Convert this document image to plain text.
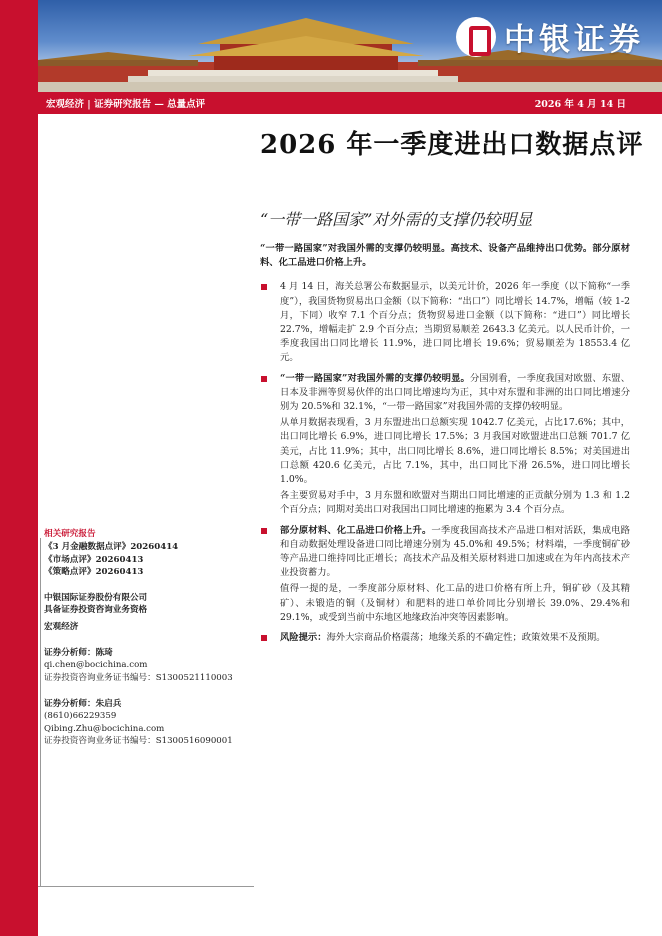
中银证券
宏观经济 | 证券研究报告 — 总量点评	2026 年 4 月 14 日
2026 年一季度进出口数据点评
“一带一路国家”对外需的支撑仍较明显
相关研究报告
《3 月金融数据点评》20260414
《市场点评》20260413
《策略点评》20260413
中银国际证券股份有限公司
具备证券投资咨询业务资格
宏观经济
证券分析师：陈琦
qi.chen@bocichina.com
证券投资咨询业务证书编号：S1300521110003
证券分析师：朱启兵
(8610)66229359
Qibing.Zhu@bocichina.com
证券投资咨询业务证书编号：S1300516090001
“一带一路国家”对我国外需的支撑仍较明显。高技术、设备产品维持出口优势。部分原材料、化工品进口价格上升。
4 月 14 日，海关总署公布数据显示，以美元计价，2026 年一季度（以下简称“一季度”），我国货物贸易出口金额（以下简称：“出口”）同比增长 14.7%，增幅（较 1-2 月，下同）收窄 7.1 个百分点；货物贸易进口金额（以下简称：“进口”）同比增长 22.7%，增幅走扩 2.9 个百分点；当期贸易顺差 2643.3 亿美元。以人民币计价，一季度我国出口同比增长 11.9%，进口同比增长 19.6%；贸易顺差为 18553.4 亿元。
“一带一路国家”对我国外需的支撑仍较明显。分国别看，一季度我国对欧盟、东盟、日本及非洲等贸易伙伴的出口同比增速均为正，其中对东盟和非洲的出口同比增速分别为 20.5%和 32.1%，“一带一路国家”对我国外需的支撑仍较明显。
从单月数据表现看，3 月东盟进出口总额实现 1042.7 亿美元，占比17.6%；其中，出口同比增长 6.9%，进口同比增长 17.5%；3 月我国对欧盟进出口总额 701.7 亿美元，占比 11.9%；其中，出口同比增长 8.6%，进口同比增长 8.5%；对美国进出口总额 420.6 亿美元，占比 7.1%，其中，出口同比下滑 26.5%，进口同比增长 1.0%。
各主要贸易对手中，3 月东盟和欧盟对当期出口同比增速的正贡献分别为 1.3 和 1.2 个百分点；同期对美出口对我国出口同比增速的拖累为 3.4 个百分点。
部分原材料、化工品进口价格上升。一季度我国高技术产品进口相对活跃，集成电路和自动数据处理设备进口同比增速分别为 45.0%和 49.5%；材料端，一季度铜矿砂等产品进口维持同比正增长；高技术产品及相关原材料进口加速或在为年内高技术产业投资蓄力。
值得一提的是，一季度部分原材料、化工品的进口价格有所上升，铜矿砂（及其精矿）、未锻造的铜（及铜材）和肥料的进口单价同比分别增长 39.0%、29.4%和 29.1%，或受到当前中东地区地缘政治冲突等因素影响。
风险提示：海外大宗商品价格震荡；地缘关系的不确定性；政策效果不及预期。
